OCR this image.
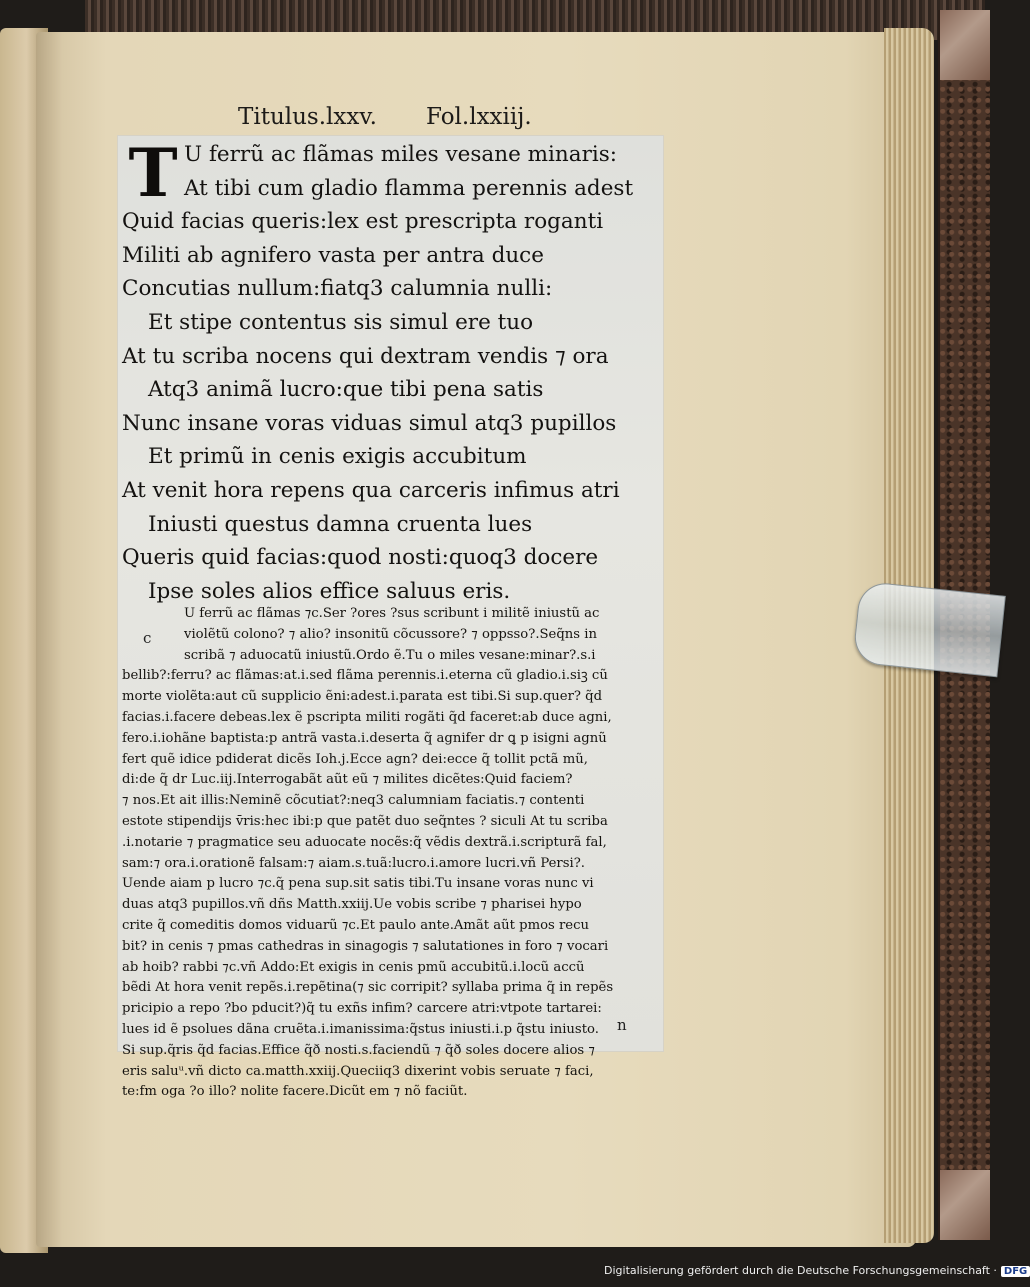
Titulus.lxxv. Fol.lxxiij.
T U ferrũ ac flãmas miles vesane minaris:
At tibi cum gladio flamma perennis adest
Quid facias queris:lex est prescripta roganti
Militi ab agnifero vasta per antra duce
Concutias nullum:fiatq3 calumnia nulli:
Et stipe contentus sis simul ere tuo
At tu scriba nocens qui dextram vendis ⁊ ora
Atq3 animã lucro:que tibi pena satis
Nunc insane voras viduas simul atq3 pupillos
Et primũ in cenis exigis accubitum
At venit hora repens qua carceris infimus atri
Iniusti questus damna cruenta lues
Queris quid facias:quod nosti:quoq3 docere
Ipse soles alios effice saluus eris.
c
U ferrũ ac flãmas ⁊c.Ser ?ores ?sus scribunt i militẽ iniustũ ac
violẽtũ colono? ⁊ alio? insonitũ cõcussore? ⁊ oppsso?.Seq̃ns in
scribã ⁊ aduocatũ iniustũ.Ordo ẽ.Tu o miles vesane:minar?.s.i
bellib?:ferru? ac flãmas:at.i.sed flãma perennis.i.eterna cũ gladio.i.siꝫ cũ
morte violẽta:aut cũ supplicio ẽni:adest.i.parata est tibi.Si sup.quer? q̃d
facias.i.facere debeas.lex ẽ pscripta militi rogãti q̃d faceret:ab duce agni,
fero.i.iohãne baptista:p antrã vasta.i.deserta q̃ agnifer dr ꝗ p isigni agnũ
fert quẽ idice pdiderat dicẽs Ioh.j.Ecce agn? dei:ecce q̃ tollit pctã mũ,
di:de q̃ dr Luc.iij.Interrogabãt aũt eũ ⁊ milites dicẽtes:Quid faciem?
⁊ nos.Et ait illis:Neminẽ cõcutiat?:neq3 calumniam faciatis.⁊ contenti
estote stipendijs v̄ris:hec ibi:p que patẽt duo seq̃ntes ? siculi At tu scriba
.i.notarie ⁊ pragmatice seu aduocate nocẽs:q̃ vẽdis dextrã.i.scripturã fal,
sam:⁊ ora.i.orationẽ falsam:⁊ aiam.s.tuã:lucro.i.amore lucri.vñ Persi?.
Uende aiam p lucro ⁊c.q̃ pena sup.sit satis tibi.Tu insane voras nunc vi
duas atq3 pupillos.vñ dñs Matth.xxiij.Ue vobis scribe ⁊ pharisei hypo
crite q̃ comeditis domos viduarũ ⁊c.Et paulo ante.Amãt aũt pmos recu
bit? in cenis ⁊ pmas cathedras in sinagogis ⁊ salutationes in foro ⁊ vocari
ab hoib? rabbi ⁊c.vñ Addo:Et exigis in cenis pmũ accubitũ.i.locũ accũ
bẽdi At hora venit repẽs.i.repẽtina(⁊ sic corripit? syllaba prima q̃ in repẽs
pricipio a repo ?bo pducit?)q̃ tu exñs infim? carcere atri:vtpote tartarei:
lues id ẽ psolues dãna cruẽta.i.imanissima:q̃stus iniusti.i.p q̃stu iniusto.
Si sup.q̃ris q̃d facias.Effice q̃ð nosti.s.faciendũ ⁊ q̃ð soles docere alios ⁊
eris saluᵘ.vñ dicto ca.matth.xxiij.Queciiq3 dixerint vobis seruate ⁊ faci,
te:fm oga ?o illo? nolite facere.Dicũt em ⁊ nõ faciũt.
n
Digitalisierung gefördert durch die Deutsche Forschungsgemeinschaft · DFG
